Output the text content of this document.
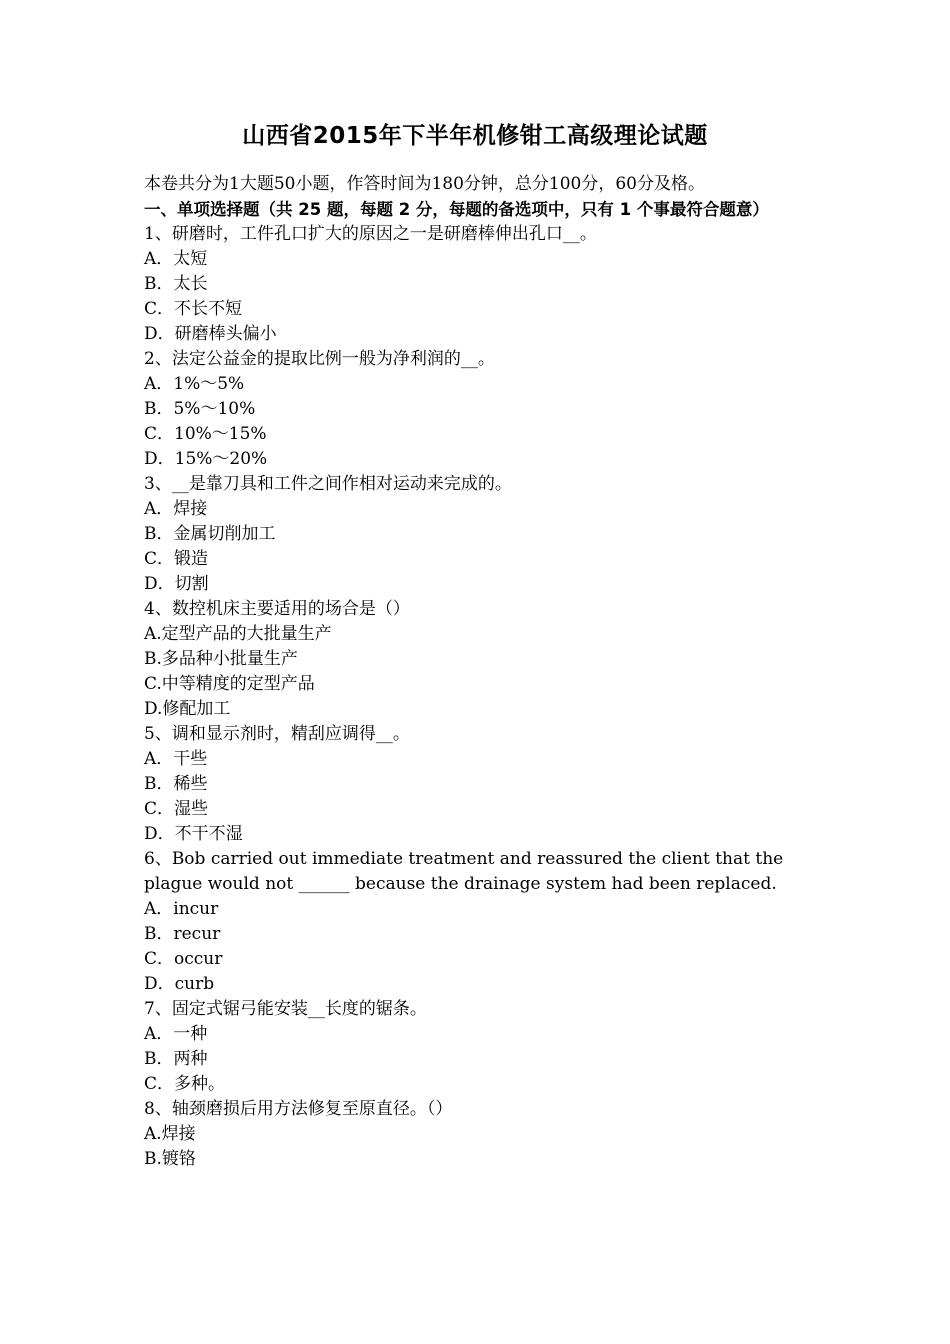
山西省2015年下半年机修钳工高级理论试题
本卷共分为1大题50小题，作答时间为180分钟，总分100分，60分及格。
一、单项选择题（共 25 题，每题 2 分，每题的备选项中，只有 1 个事最符合题意）
1、研磨时，工件孔口扩大的原因之一是研磨棒伸出孔口__。
A．太短
B．太长
C．不长不短
D．研磨棒头偏小
2、法定公益金的提取比例一般为净利润的__。
A．1%～5%
B．5%～10%
C．10%～15%
D．15%～20%
3、__是靠刀具和工件之间作相对运动来完成的。
A．焊接
B．金属切削加工
C．锻造
D．切割
4、数控机床主要适用的场合是（）
A.定型产品的大批量生产
B.多品种小批量生产
C.中等精度的定型产品
D.修配加工
5、调和显示剂时，精刮应调得__。
A．干些
B．稀些
C．湿些
D．不干不湿
6、Bob carried out immediate treatment and reassured the client that the plague would not ______ because the drainage system had been replaced.
A．incur
B．recur
C．occur
D．curb
7、固定式锯弓能安装__长度的锯条。
A．一种
B．两种
C．多种。
8、轴颈磨损后用方法修复至原直径。（）
A.焊接
B.镀铬
